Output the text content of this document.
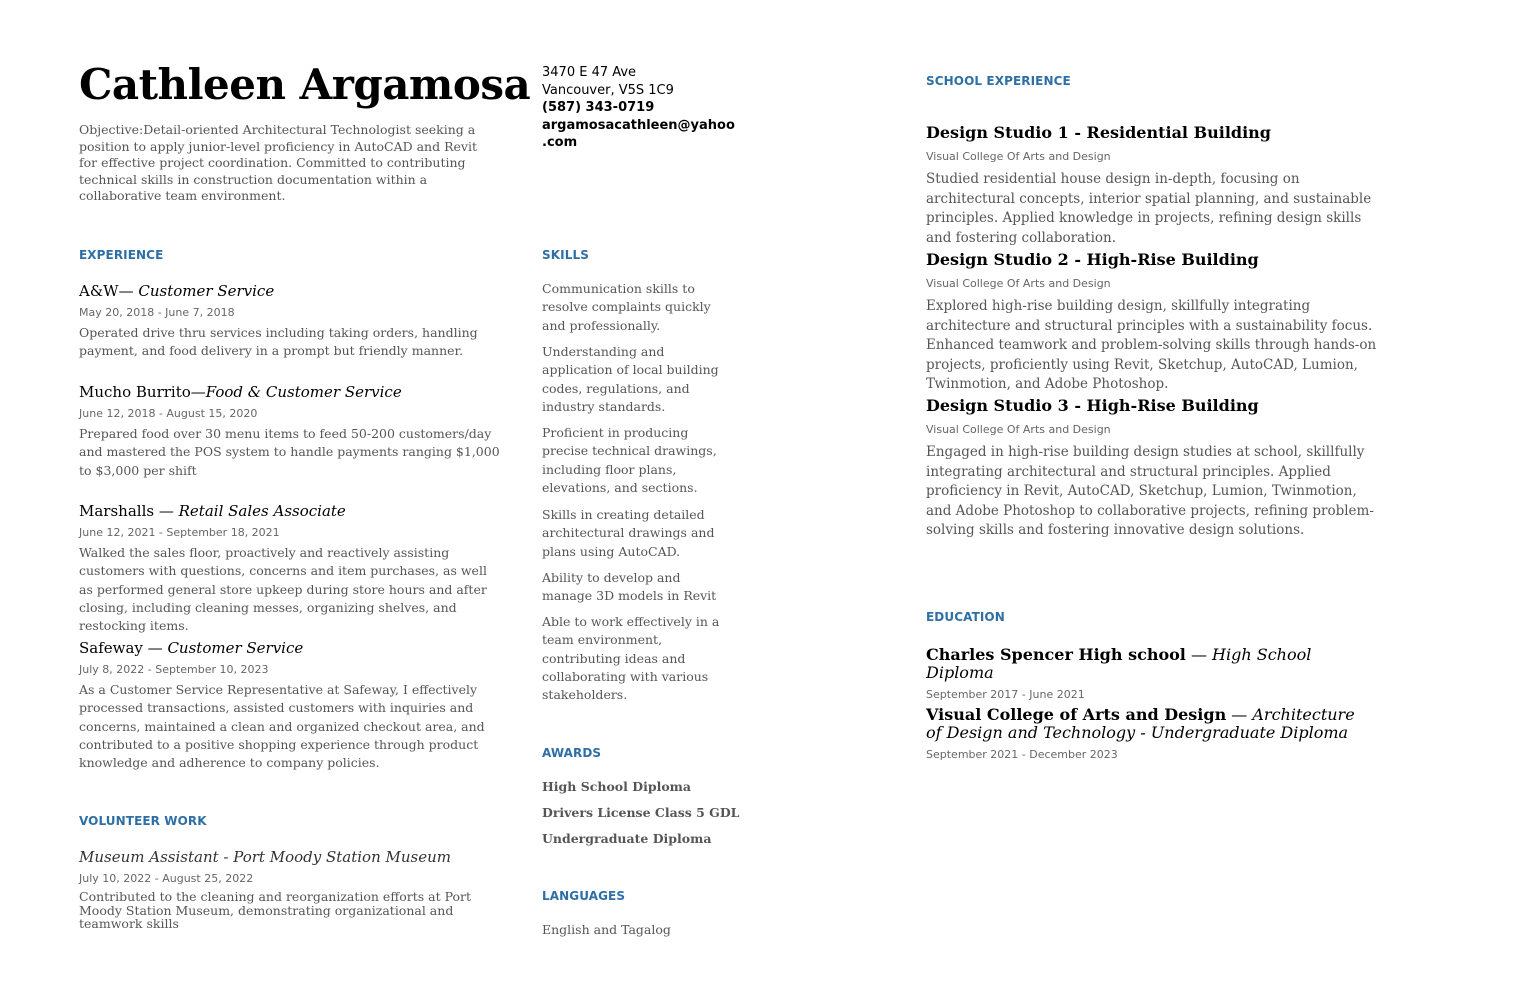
Cathleen Argamosa

Objective:Detail-oriented Architectural Technologist seeking a position to apply junior-level proficiency in AutoCAD and Revit for effective project coordination. Committed to contributing technical skills in construction documentation within a collaborative team environment.

3470 E 47 Ave
Vancouver, V5S 1C9
(587) 343-0719
argamosacathleen@yahoo
.com
EXPERIENCE

A&W— Customer Service

May 20, 2018 - June 7, 2018

Operated drive thru services including taking orders, handling payment, and food delivery in a prompt but friendly manner.

Mucho Burrito—Food & Customer Service

June 12, 2018 - August 15, 2020

Prepared food over 30 menu items to feed 50-200 customers/day and mastered the POS system to handle payments ranging $1,000 to $3,000 per shift

Marshalls — Retail Sales Associate

June 12, 2021 - September 18, 2021

Walked the sales floor, proactively and reactively assisting customers with questions, concerns and item purchases, as well as performed general store upkeep during store hours and after closing, including cleaning messes, organizing shelves, and restocking items.

Safeway — Customer Service

July 8, 2022 - September 10, 2023

As a Customer Service Representative at Safeway, I effectively processed transactions, assisted customers with inquiries and concerns, maintained a clean and organized checkout area, and contributed to a positive shopping experience through product knowledge and adherence to company policies.

VOLUNTEER WORK

Museum Assistant - Port Moody Station Museum

July 10, 2022 - August 25, 2022

Contributed to the cleaning and reorganization efforts at Port Moody Station Museum, demonstrating organizational and teamwork skills

SKILLS

Communication skills to resolve complaints quickly and professionally.

Understanding and application of local building codes, regulations, and industry standards.

Proficient in producing precise technical drawings, including floor plans, elevations, and sections.

Skills in creating detailed architectural drawings and plans using AutoCAD.

Ability to develop and manage 3D models in Revit

Able to work effectively in a team environment, contributing ideas and collaborating with various stakeholders.

AWARDS

High School Diploma

Drivers License Class 5 GDL

Undergraduate Diploma

LANGUAGES

English and Tagalog

SCHOOL EXPERIENCE

Design Studio 1 - Residential Building

Visual College Of Arts and Design

Studied residential house design in-depth, focusing on architectural concepts, interior spatial planning, and sustainable principles. Applied knowledge in projects, refining design skills and fostering collaboration.

Design Studio 2 - High-Rise Building

Visual College Of Arts and Design

Explored high-rise building design, skillfully integrating architecture and structural principles with a sustainability focus. Enhanced teamwork and problem-solving skills through hands-on projects, proficiently using Revit, Sketchup, AutoCAD, Lumion, Twinmotion, and Adobe Photoshop.

Design Studio 3 - High-Rise Building

Visual College Of Arts and Design

Engaged in high-rise building design studies at school, skillfully integrating architectural and structural principles. Applied proficiency in Revit, AutoCAD, Sketchup, Lumion, Twinmotion, and Adobe Photoshop to collaborative projects, refining problem-solving skills and fostering innovative design solutions.

EDUCATION

Charles Spencer High school — High School Diploma

September 2017 - June 2021

Visual College of Arts and Design — Architecture of Design and Technology - Undergraduate Diploma

September 2021 - December 2023
